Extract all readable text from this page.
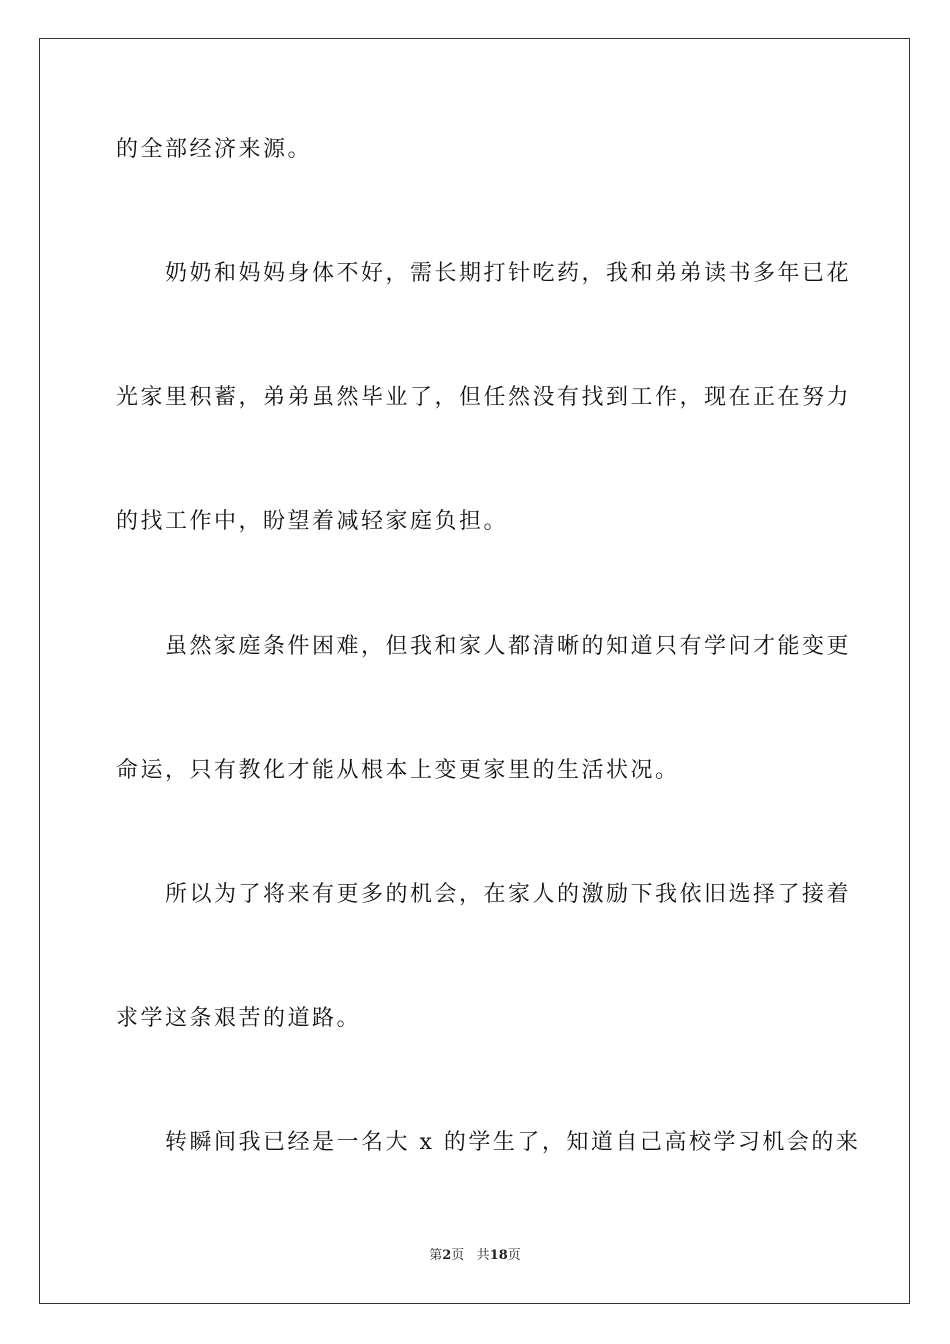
的全部经济来源。

奶奶和妈妈身体不好，需长期打针吃药，我和弟弟读书多年已花

光家里积蓄，弟弟虽然毕业了，但任然没有找到工作，现在正在努力

的找工作中，盼望着减轻家庭负担。

虽然家庭条件困难，但我和家人都清晰的知道只有学问才能变更

命运，只有教化才能从根本上变更家里的生活状况。

所以为了将来有更多的机会，在家人的激励下我依旧选择了接着

求学这条艰苦的道路。

转瞬间我已经是一名大 x 的学生了，知道自己高校学习机会的来

第2页 共18页
